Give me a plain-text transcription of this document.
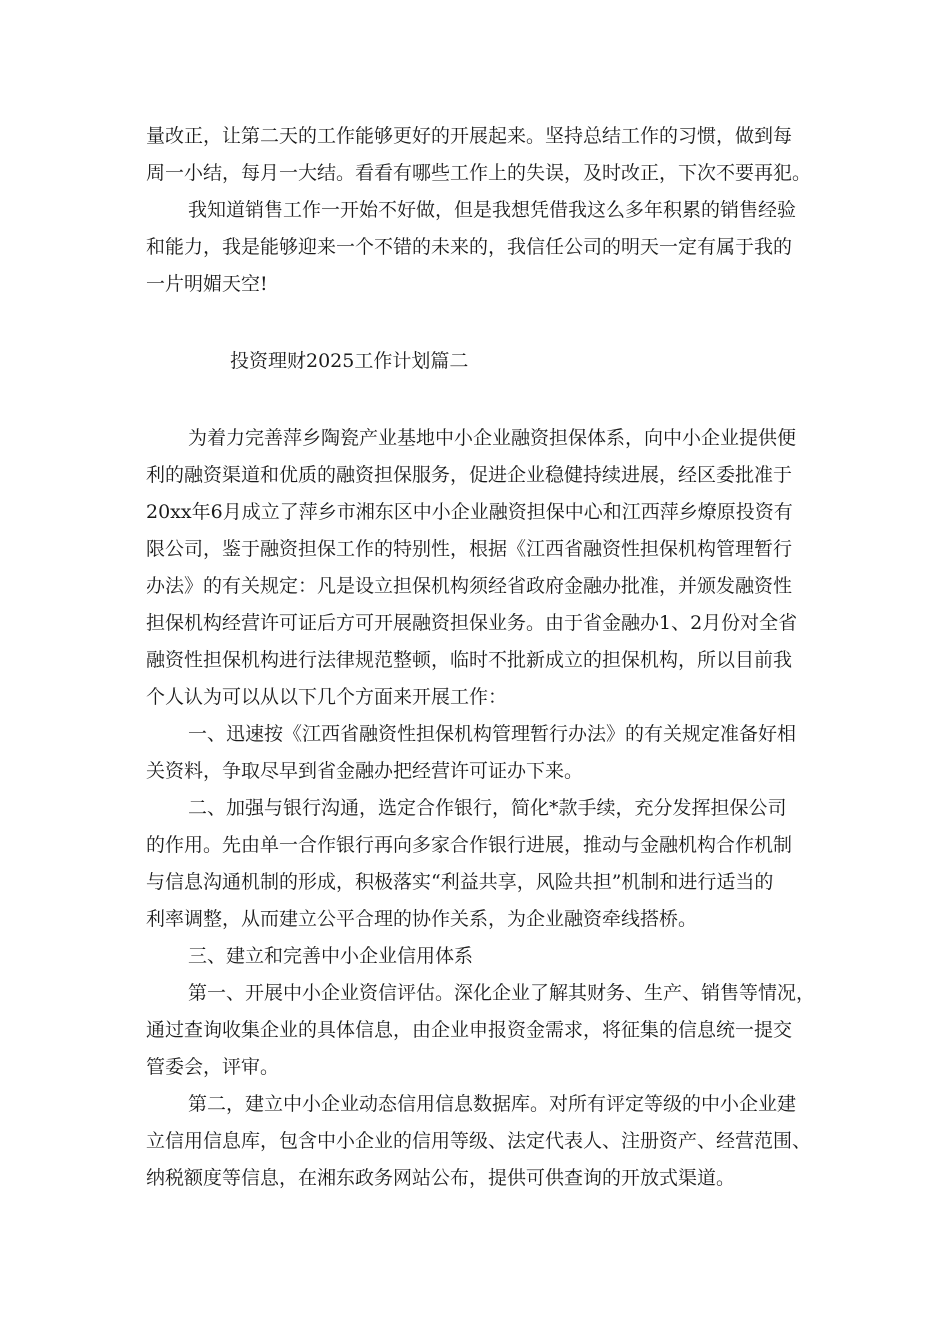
量改正，让第二天的工作能够更好的开展起来。坚持总结工作的习惯，做到每

周一小结，每月一大结。看看有哪些工作上的失误，及时改正，下次不要再犯。

我知道销售工作一开始不好做，但是我想凭借我这么多年积累的销售经验

和能力，我是能够迎来一个不错的未来的，我信任公司的明天一定有属于我的

一片明媚天空!

投资理财2025工作计划篇二

为着力完善萍乡陶瓷产业基地中小企业融资担保体系，向中小企业提供便

利的融资渠道和优质的融资担保服务，促进企业稳健持续进展，经区委批准于

20xx年6月成立了萍乡市湘东区中小企业融资担保中心和江西萍乡燎原投资有

限公司，鉴于融资担保工作的特别性，根据《江西省融资性担保机构管理暂行

办法》的有关规定：凡是设立担保机构须经省政府金融办批准，并颁发融资性

担保机构经营许可证后方可开展融资担保业务。由于省金融办1、2月份对全省

融资性担保机构进行法律规范整顿，临时不批新成立的担保机构，所以目前我

个人认为可以从以下几个方面来开展工作：

一、迅速按《江西省融资性担保机构管理暂行办法》的有关规定准备好相

关资料，争取尽早到省金融办把经营许可证办下来。

二、加强与银行沟通，选定合作银行，简化*款手续，充分发挥担保公司

的作用。先由单一合作银行再向多家合作银行进展，推动与金融机构合作机制

与信息沟通机制的形成，积极落实“利益共享，风险共担”机制和进行适当的

利率调整，从而建立公平合理的协作关系，为企业融资牵线搭桥。

三、建立和完善中小企业信用体系

第一、开展中小企业资信评估。深化企业了解其财务、生产、销售等情况，

通过查询收集企业的具体信息，由企业申报资金需求，将征集的信息统一提交

管委会，评审。

第二，建立中小企业动态信用信息数据库。对所有评定等级的中小企业建

立信用信息库，包含中小企业的信用等级、法定代表人、注册资产、经营范围、

纳税额度等信息，在湘东政务网站公布，提供可供查询的开放式渠道。
